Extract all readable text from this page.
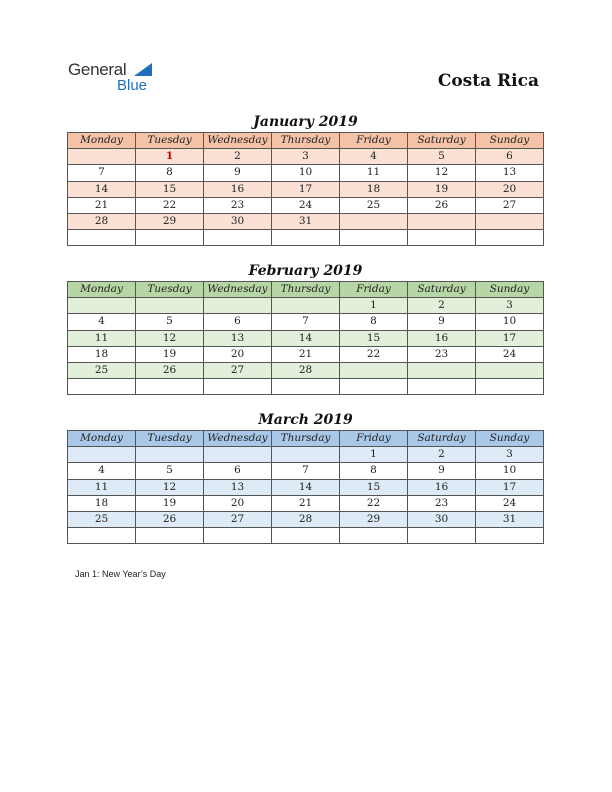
General
Blue	Costa Rica
January 2019
Monday	Tuesday	Wednesday	Thursday	Friday	Saturday	Sunday
	1	2	3	4	5	6
7	8	9	10	11	12	13
14	15	16	17	18	19	20
21	22	23	24	25	26	27
28	29	30	31			

February 2019
Monday	Tuesday	Wednesday	Thursday	Friday	Saturday	Sunday
				1	2	3
4	5	6	7	8	9	10
11	12	13	14	15	16	17
18	19	20	21	22	23	24
25	26	27	28			

March 2019
Monday	Tuesday	Wednesday	Thursday	Friday	Saturday	Sunday
				1	2	3
4	5	6	7	8	9	10
11	12	13	14	15	16	17
18	19	20	21	22	23	24
25	26	27	28	29	30	31

Jan 1: New Year’s Day
